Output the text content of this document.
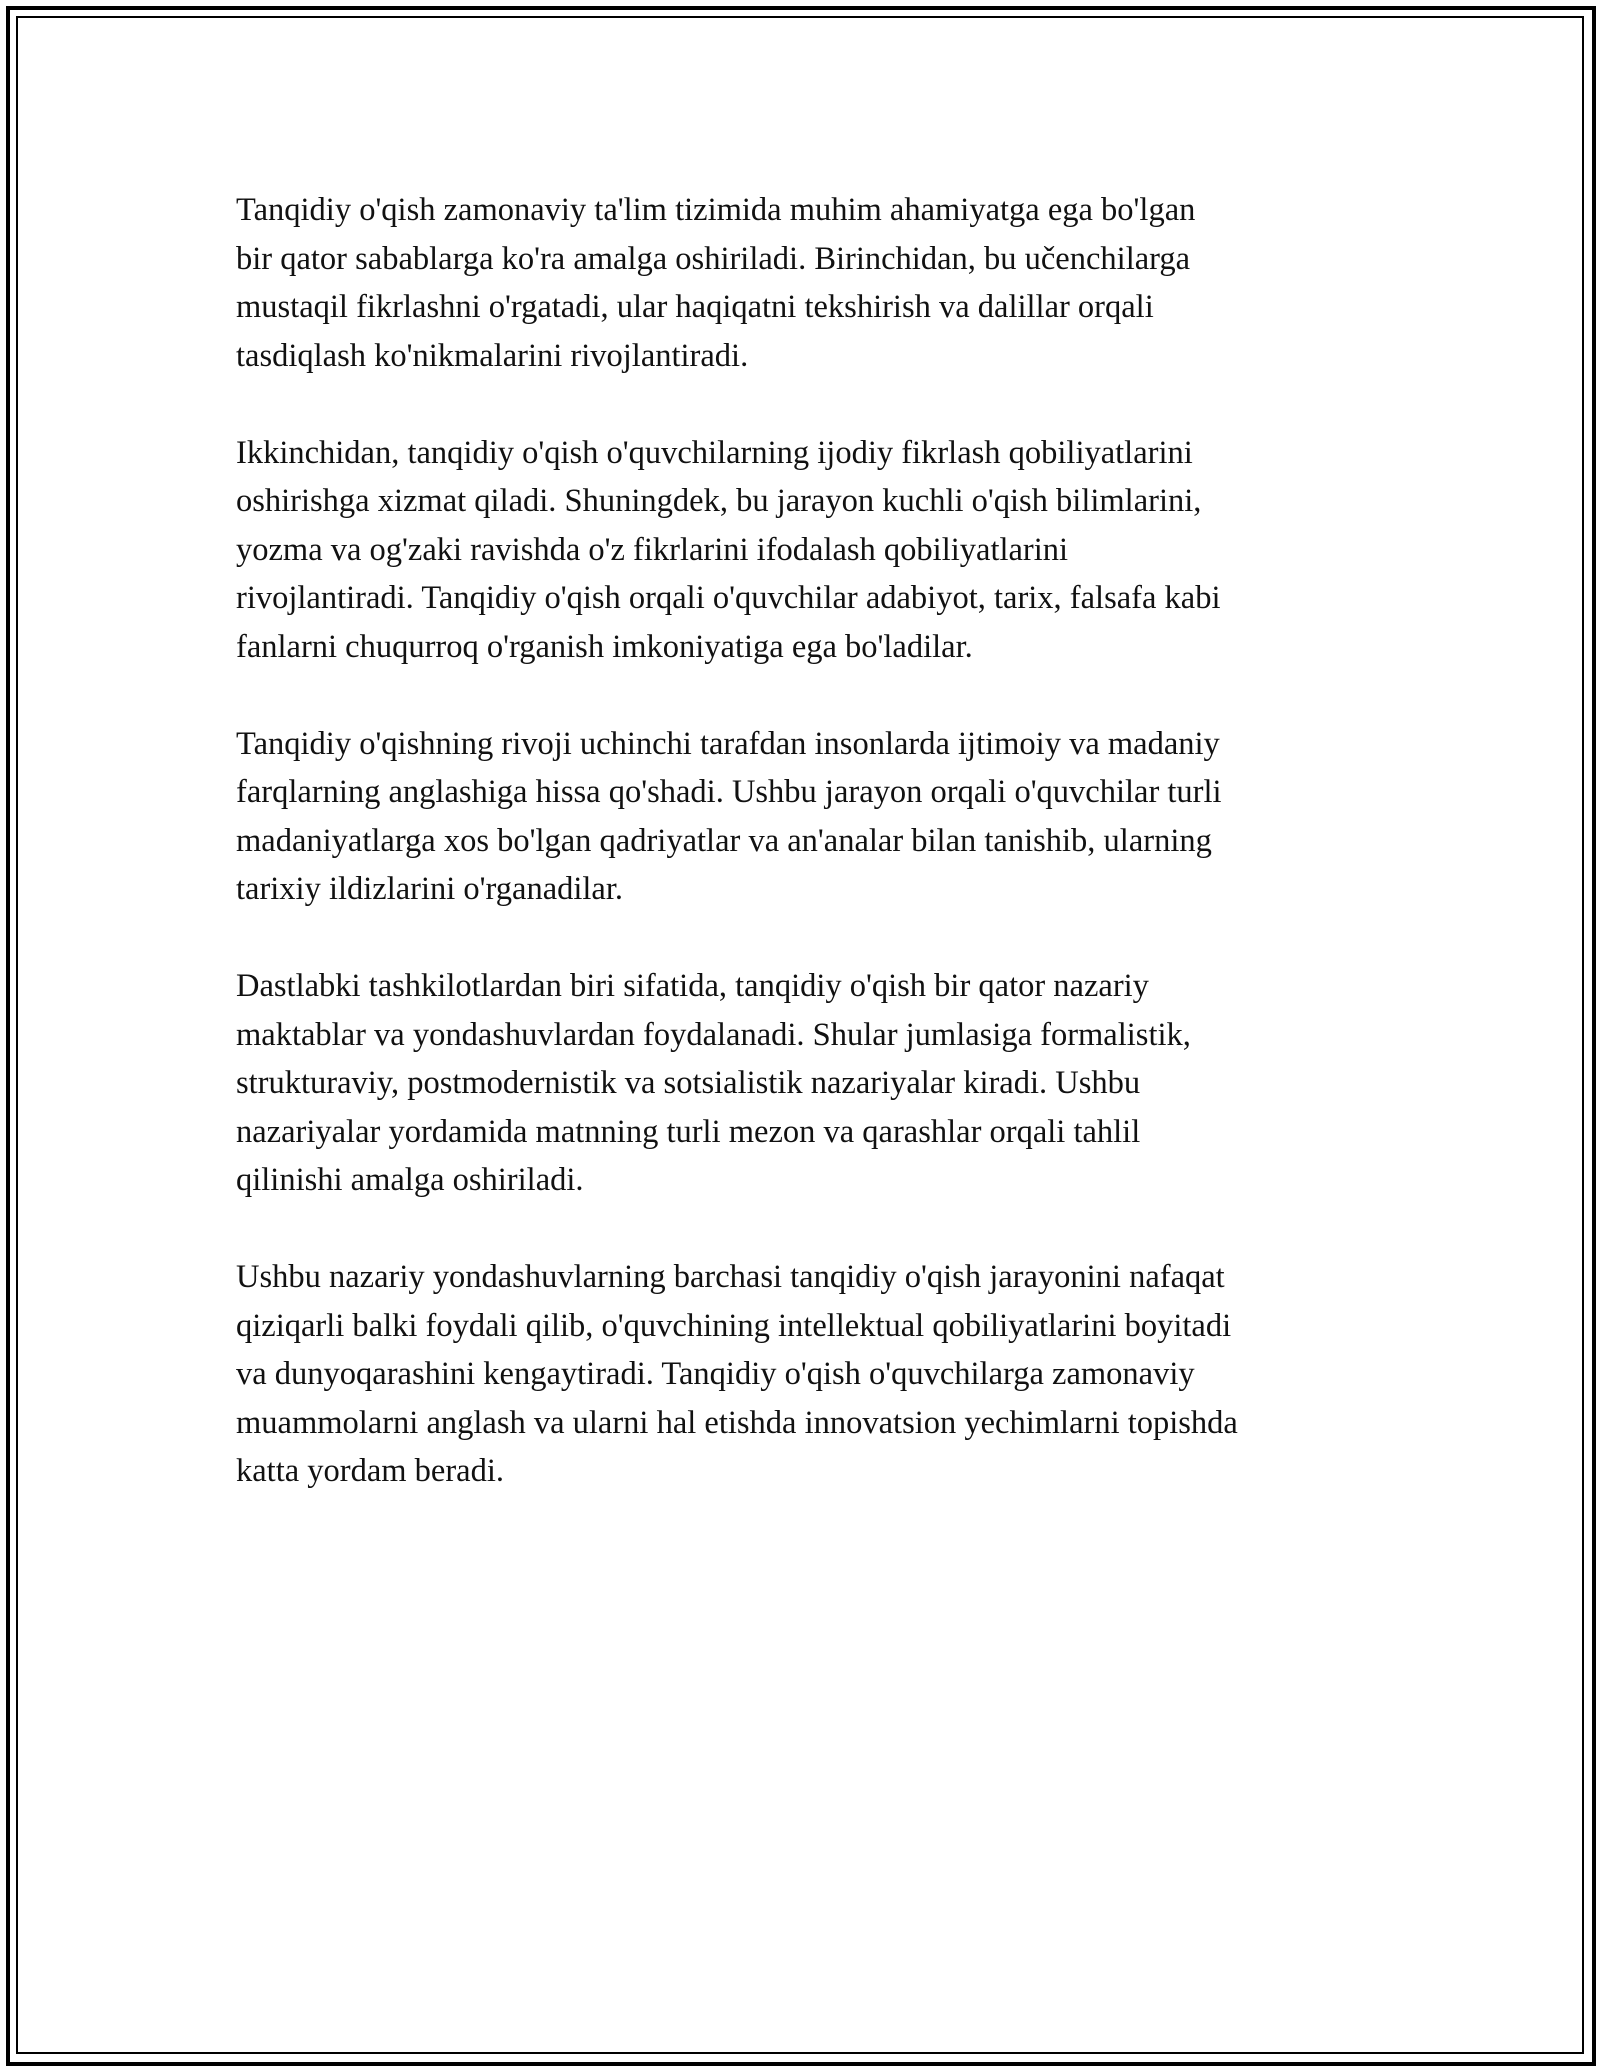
Tanqidiy o'qish zamonaviy ta'lim tizimida muhim ahamiyatga ega bo'lgan
bir qator sabablarga ko'ra amalga oshiriladi. Birinchidan, bu učenchilarga
mustaqil fikrlashni o'rgatadi, ular haqiqatni tekshirish va dalillar orqali
tasdiqlash ko'nikmalarini rivojlantiradi.

Ikkinchidan, tanqidiy o'qish o'quvchilarning ijodiy fikrlash qobiliyatlarini
oshirishga xizmat qiladi. Shuningdek, bu jarayon kuchli o'qish bilimlarini,
yozma va og'zaki ravishda o'z fikrlarini ifodalash qobiliyatlarini
rivojlantiradi. Tanqidiy o'qish orqali o'quvchilar adabiyot, tarix, falsafa kabi
fanlarni chuqurroq o'rganish imkoniyatiga ega bo'ladilar.

Tanqidiy o'qishning rivoji uchinchi tarafdan insonlarda ijtimoiy va madaniy
farqlarning anglashiga hissa qo'shadi. Ushbu jarayon orqali o'quvchilar turli
madaniyatlarga xos bo'lgan qadriyatlar va an'analar bilan tanishib, ularning
tarixiy ildizlarini o'rganadilar.

Dastlabki tashkilotlardan biri sifatida, tanqidiy o'qish bir qator nazariy
maktablar va yondashuvlardan foydalanadi. Shular jumlasiga formalistik,
strukturaviy, postmodernistik va sotsialistik nazariyalar kiradi. Ushbu
nazariyalar yordamida matnning turli mezon va qarashlar orqali tahlil
qilinishi amalga oshiriladi.

Ushbu nazariy yondashuvlarning barchasi tanqidiy o'qish jarayonini nafaqat
qiziqarli balki foydali qilib, o'quvchining intellektual qobiliyatlarini boyitadi
va dunyoqarashini kengaytiradi. Tanqidiy o'qish o'quvchilarga zamonaviy
muammolarni anglash va ularni hal etishda innovatsion yechimlarni topishda
katta yordam beradi.
